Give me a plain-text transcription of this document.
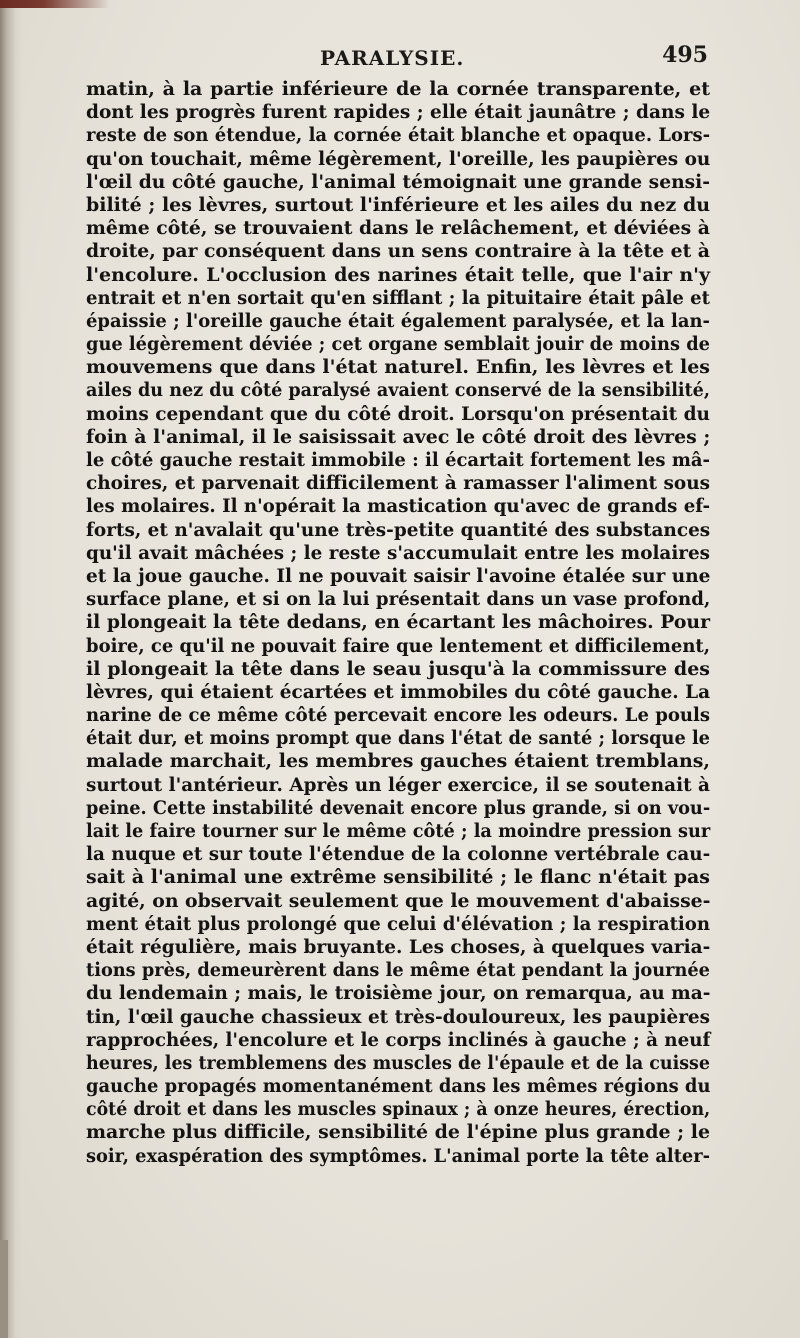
PARALYSIE.	495
matin, à la partie inférieure de la cornée transparente, et
dont les progrès furent rapides ; elle était jaunâtre ; dans le
reste de son étendue, la cornée était blanche et opaque. Lors-
qu'on touchait, même légèrement, l'oreille, les paupières ou
l'œil du côté gauche, l'animal témoignait une grande sensi-
bilité ; les lèvres, surtout l'inférieure et les ailes du nez du
même côté, se trouvaient dans le relâchement, et déviées à
droite, par conséquent dans un sens contraire à la tête et à
l'encolure. L'occlusion des narines était telle, que l'air n'y
entrait et n'en sortait qu'en sifflant ; la pituitaire était pâle et
épaissie ; l'oreille gauche était également paralysée, et la lan-
gue légèrement déviée ; cet organe semblait jouir de moins de
mouvemens que dans l'état naturel. Enfin, les lèvres et les
ailes du nez du côté paralysé avaient conservé de la sensibilité,
moins cependant que du côté droit. Lorsqu'on présentait du
foin à l'animal, il le saisissait avec le côté droit des lèvres ;
le côté gauche restait immobile : il écartait fortement les mâ-
choires, et parvenait difficilement à ramasser l'aliment sous
les molaires. Il n'opérait la mastication qu'avec de grands ef-
forts, et n'avalait qu'une très-petite quantité des substances
qu'il avait mâchées ; le reste s'accumulait entre les molaires
et la joue gauche. Il ne pouvait saisir l'avoine étalée sur une
surface plane, et si on la lui présentait dans un vase profond,
il plongeait la tête dedans, en écartant les mâchoires. Pour
boire, ce qu'il ne pouvait faire que lentement et difficilement,
il plongeait la tête dans le seau jusqu'à la commissure des
lèvres, qui étaient écartées et immobiles du côté gauche. La
narine de ce même côté percevait encore les odeurs. Le pouls
était dur, et moins prompt que dans l'état de santé ; lorsque le
malade marchait, les membres gauches étaient tremblans,
surtout l'antérieur. Après un léger exercice, il se soutenait à
peine. Cette instabilité devenait encore plus grande, si on vou-
lait le faire tourner sur le même côté ; la moindre pression sur
la nuque et sur toute l'étendue de la colonne vertébrale cau-
sait à l'animal une extrême sensibilité ; le flanc n'était pas
agité, on observait seulement que le mouvement d'abaisse-
ment était plus prolongé que celui d'élévation ; la respiration
était régulière, mais bruyante. Les choses, à quelques varia-
tions près, demeurèrent dans le même état pendant la journée
du lendemain ; mais, le troisième jour, on remarqua, au ma-
tin, l'œil gauche chassieux et très-douloureux, les paupières
rapprochées, l'encolure et le corps inclinés à gauche ; à neuf
heures, les tremblemens des muscles de l'épaule et de la cuisse
gauche propagés momentanément dans les mêmes régions du
côté droit et dans les muscles spinaux ; à onze heures, érection,
marche plus difficile, sensibilité de l'épine plus grande ; le
soir, exaspération des symptômes. L'animal porte la tête alter-
